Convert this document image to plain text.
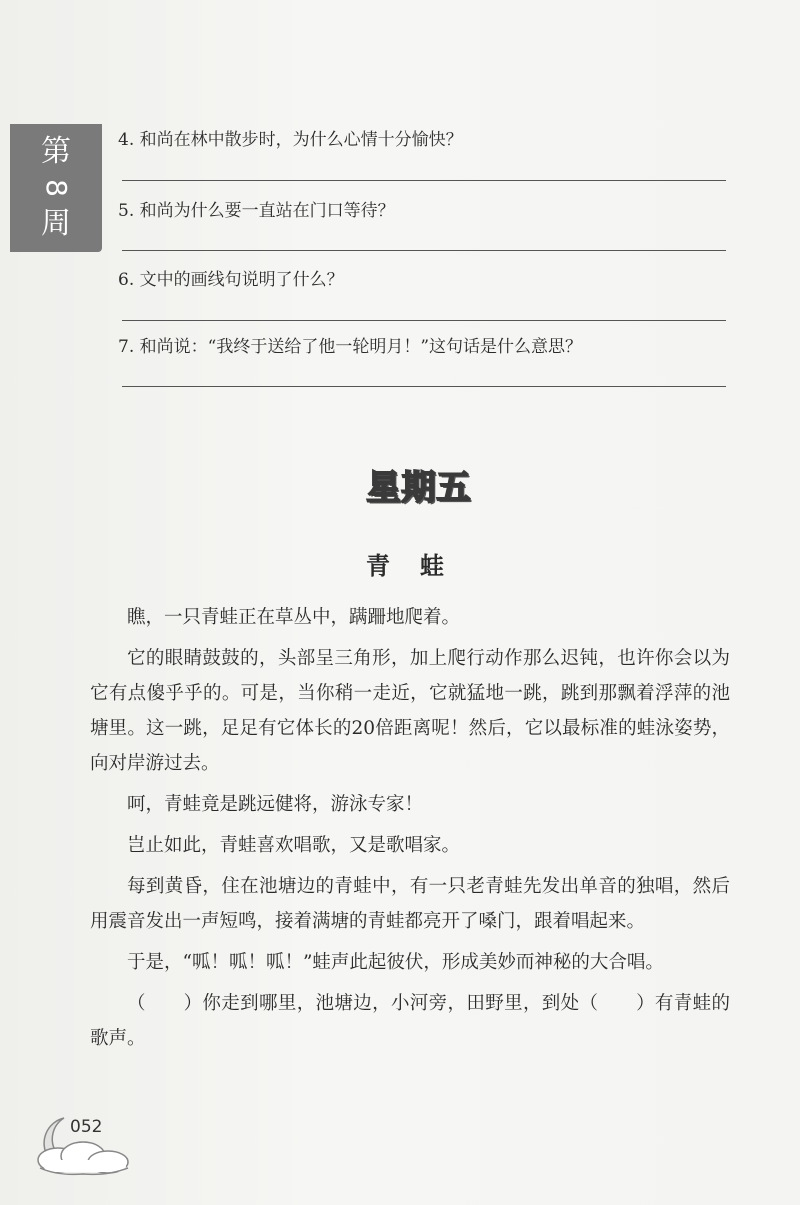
第
8
周
4. 和尚在林中散步时，为什么心情十分愉快？
5. 和尚为什么要一直站在门口等待？
6. 文中的画线句说明了什么？
7. 和尚说：“我终于送给了他一轮明月！”这句话是什么意思？
星期五
青蛙

瞧，一只青蛙正在草丛中，蹒跚地爬着。

它的眼睛鼓鼓的，头部呈三角形，加上爬行动作那么迟钝，也许你会以为它有点傻乎乎的。可是，当你稍一走近，它就猛地一跳，跳到那飘着浮萍的池塘里。这一跳，足足有它体长的20倍距离呢！然后，它以最标准的蛙泳姿势，向对岸游过去。

呵，青蛙竟是跳远健将，游泳专家！

岂止如此，青蛙喜欢唱歌，又是歌唱家。

每到黄昏，住在池塘边的青蛙中，有一只老青蛙先发出单音的独唱，然后用震音发出一声短鸣，接着满塘的青蛙都亮开了嗓门，跟着唱起来。

于是，“呱！呱！呱！”蛙声此起彼伏，形成美妙而神秘的大合唱。

（　　）你走到哪里，池塘边，小河旁，田野里，到处（　　）有青蛙的歌声。

052
